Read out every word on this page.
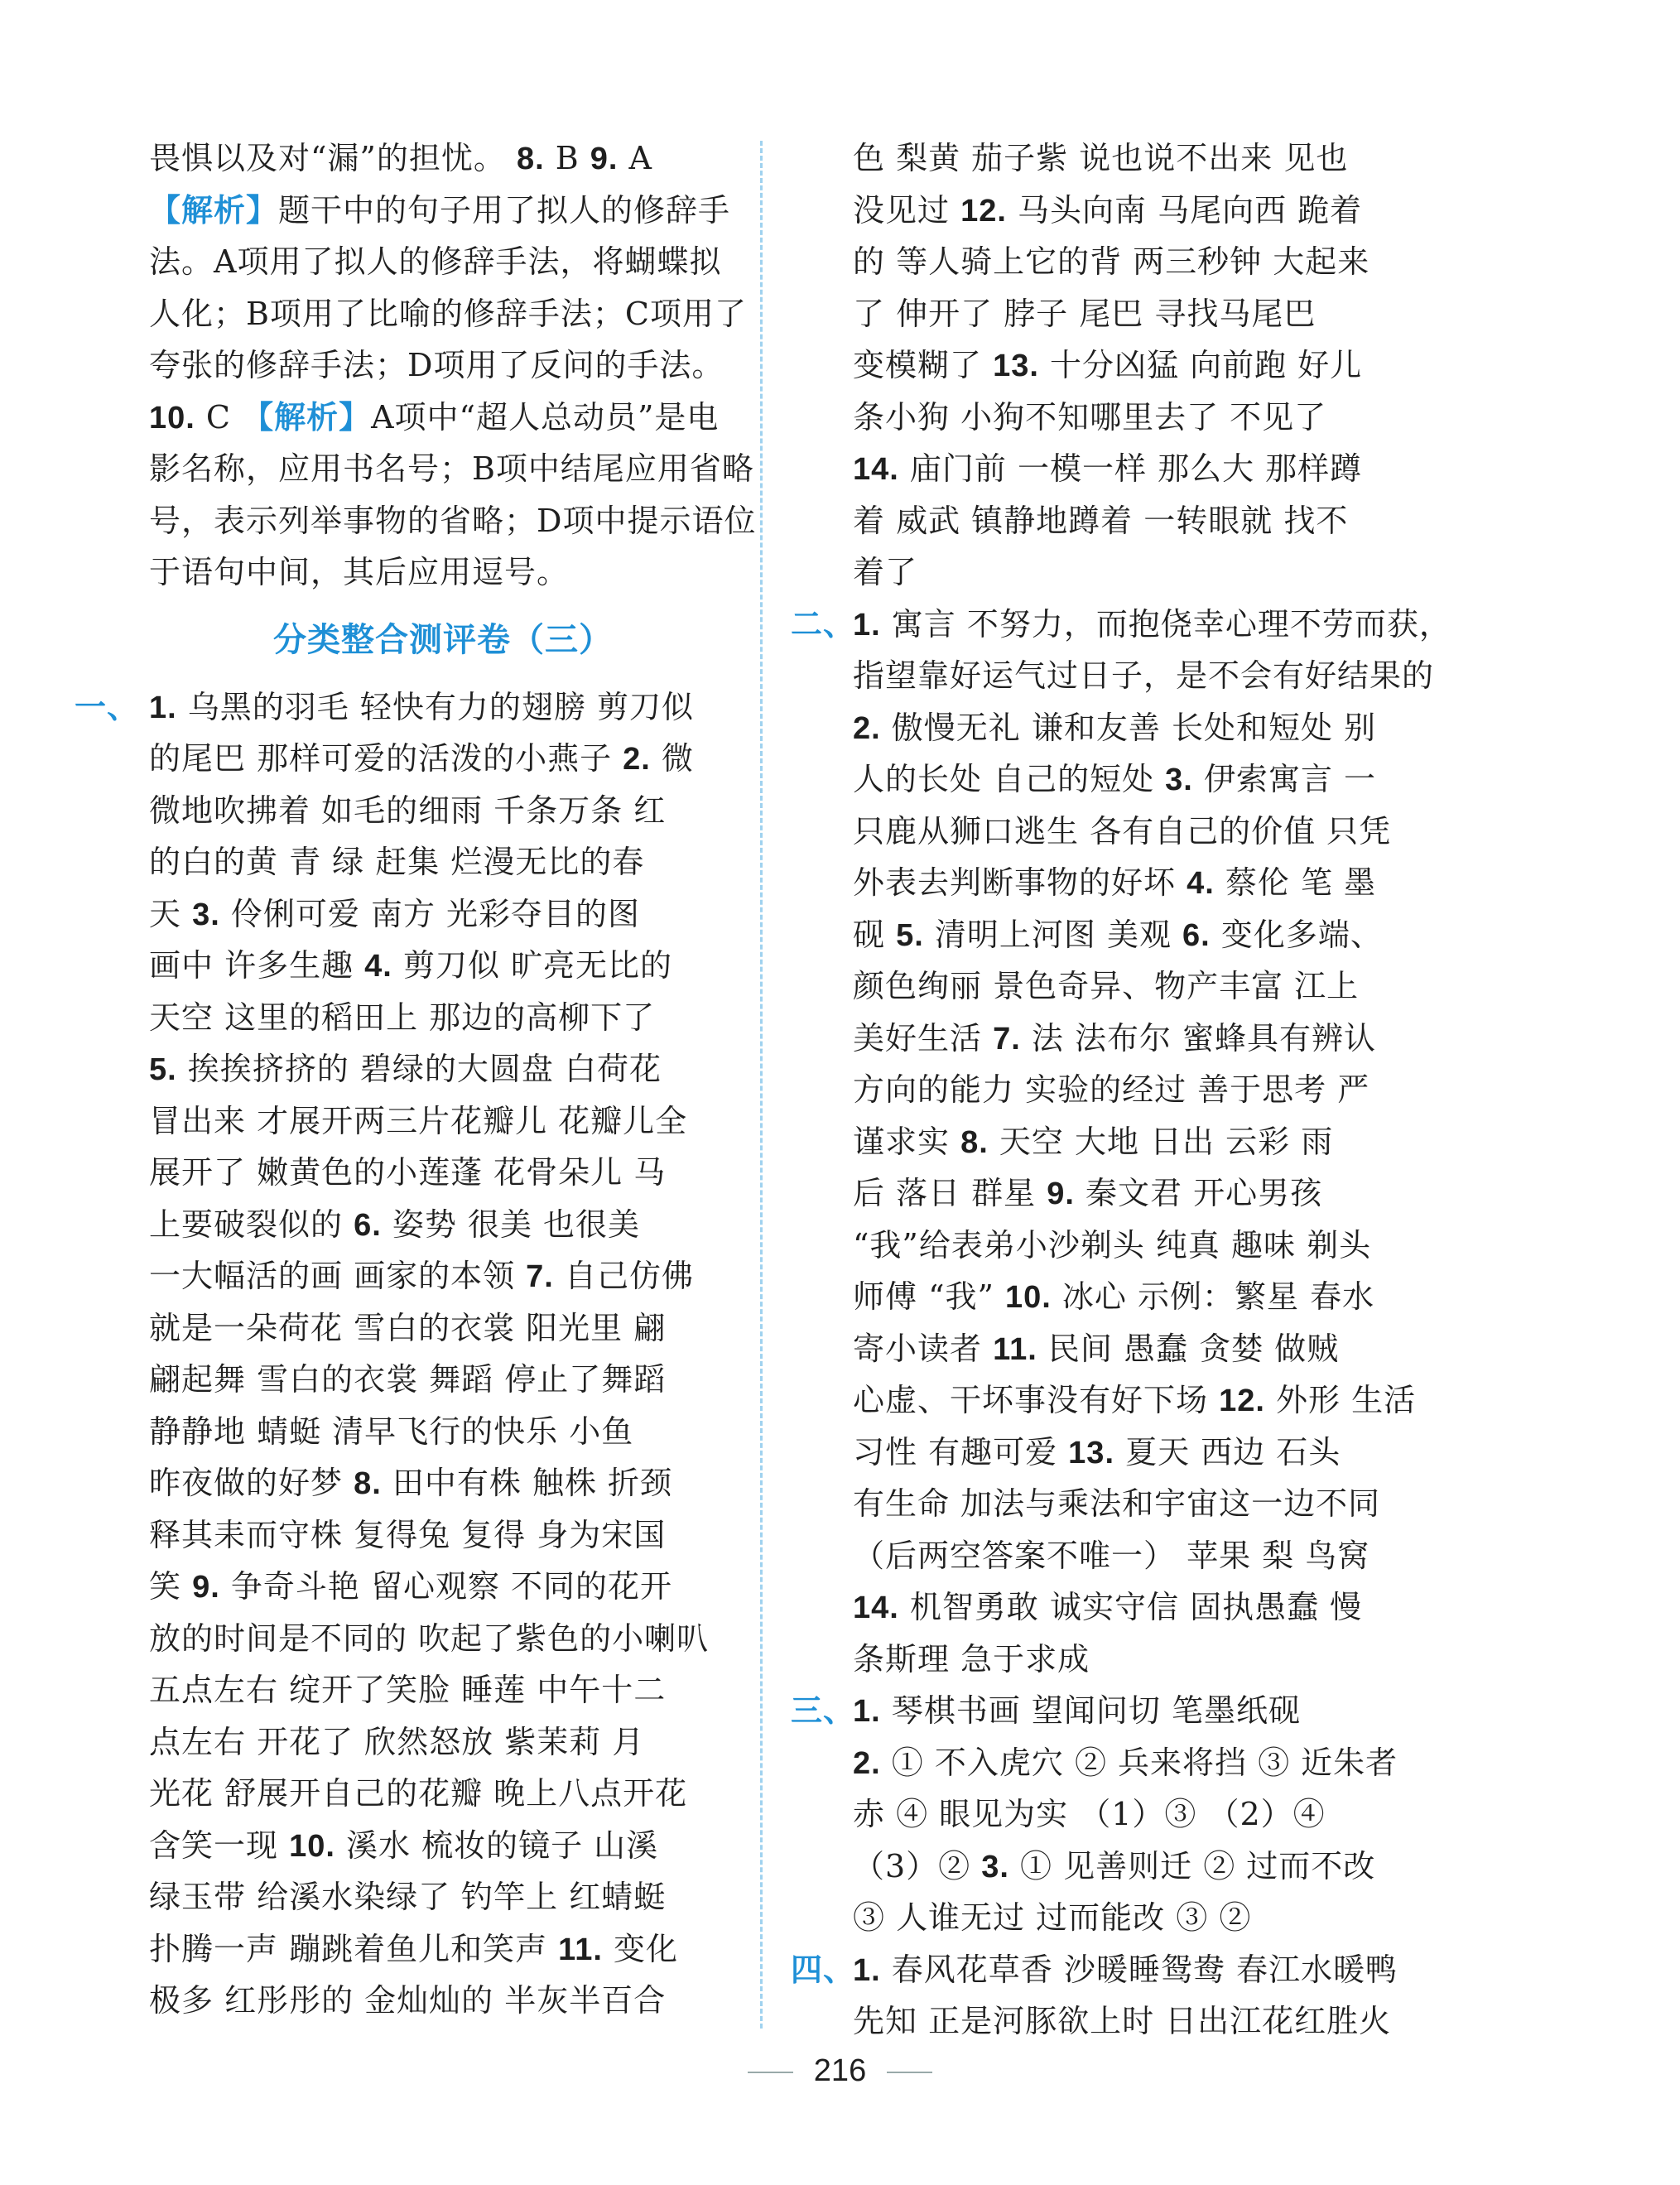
畏惧以及对“漏”的担忧。 8. B 9. A
【解析】题干中的句子用了拟人的修辞手
法。A项用了拟人的修辞手法，将蝴蝶拟
人化；B项用了比喻的修辞手法；C项用了
夸张的修辞手法；D项用了反问的手法。
10. C 【解析】A项中“超人总动员”是电
影名称，应用书名号；B项中结尾应用省略
号，表示列举事物的省略；D项中提示语位
于语句中间，其后应用逗号。
分类整合测评卷（三）
一、 1. 乌黑的羽毛 轻快有力的翅膀 剪刀似
的尾巴 那样可爱的活泼的小燕子 2. 微
微地吹拂着 如毛的细雨 千条万条 红
的白的黄 青 绿 赶集 烂漫无比的春
天 3. 伶俐可爱 南方 光彩夺目的图
画中 许多生趣 4. 剪刀似 旷亮无比的
天空 这里的稻田上 那边的高柳下了
5. 挨挨挤挤的 碧绿的大圆盘 白荷花
冒出来 才展开两三片花瓣儿 花瓣儿全
展开了 嫩黄色的小莲蓬 花骨朵儿 马
上要破裂似的 6. 姿势 很美 也很美
一大幅活的画 画家的本领 7. 自己仿佛
就是一朵荷花 雪白的衣裳 阳光里 翩
翩起舞 雪白的衣裳 舞蹈 停止了舞蹈
静静地 蜻蜓 清早飞行的快乐 小鱼
昨夜做的好梦 8. 田中有株 触株 折颈
释其耒而守株 复得兔 复得 身为宋国
笑 9. 争奇斗艳 留心观察 不同的花开
放的时间是不同的 吹起了紫色的小喇叭
五点左右 绽开了笑脸 睡莲 中午十二
点左右 开花了 欣然怒放 紫茉莉 月
光花 舒展开自己的花瓣 晚上八点开花
含笑一现 10. 溪水 梳妆的镜子 山溪
绿玉带 给溪水染绿了 钓竿上 红蜻蜓
扑腾一声 蹦跳着鱼儿和笑声 11. 变化
极多 红彤彤的 金灿灿的 半灰半百合
色 梨黄 茄子紫 说也说不出来 见也
没见过 12. 马头向南 马尾向西 跪着
的 等人骑上它的背 两三秒钟 大起来
了 伸开了 脖子 尾巴 寻找马尾巴
变模糊了 13. 十分凶猛 向前跑 好儿
条小狗 小狗不知哪里去了 不见了
14. 庙门前 一模一样 那么大 那样蹲
着 威武 镇静地蹲着 一转眼就 找不
着了
二、
1. 寓言 不努力，而抱侥幸心理不劳而获，
指望靠好运气过日子，是不会有好结果的
2. 傲慢无礼 谦和友善 长处和短处 别
人的长处 自己的短处 3. 伊索寓言 一
只鹿从狮口逃生 各有自己的价值 只凭
外表去判断事物的好坏 4. 蔡伦 笔 墨
砚 5. 清明上河图 美观 6. 变化多端、
颜色绚丽 景色奇异、物产丰富 江上
美好生活 7. 法 法布尔 蜜蜂具有辨认
方向的能力 实验的经过 善于思考 严
谨求实 8. 天空 大地 日出 云彩 雨
后 落日 群星 9. 秦文君 开心男孩
“我”给表弟小沙剃头 纯真 趣味 剃头
师傅 “我” 10. 冰心 示例：繁星 春水
寄小读者 11. 民间 愚蠢 贪婪 做贼
心虚、干坏事没有好下场 12. 外形 生活
习性 有趣可爱 13. 夏天 西边 石头
有生命 加法与乘法和宇宙这一边不同
（后两空答案不唯一） 苹果 梨 鸟窝
14. 机智勇敢 诚实守信 固执愚蠢 慢
条斯理 急于求成
三、
1. 琴棋书画 望闻问切 笔墨纸砚
2. ① 不入虎穴 ② 兵来将挡 ③ 近朱者
赤 ④ 眼见为实 （1）③ （2）④
（3）② 3. ① 见善则迁 ② 过而不改
③ 人谁无过 过而能改 ③ ②
四、
1. 春风花草香 沙暖睡鸳鸯 春江水暖鸭
先知 正是河豚欲上时 日出江花红胜火
216
